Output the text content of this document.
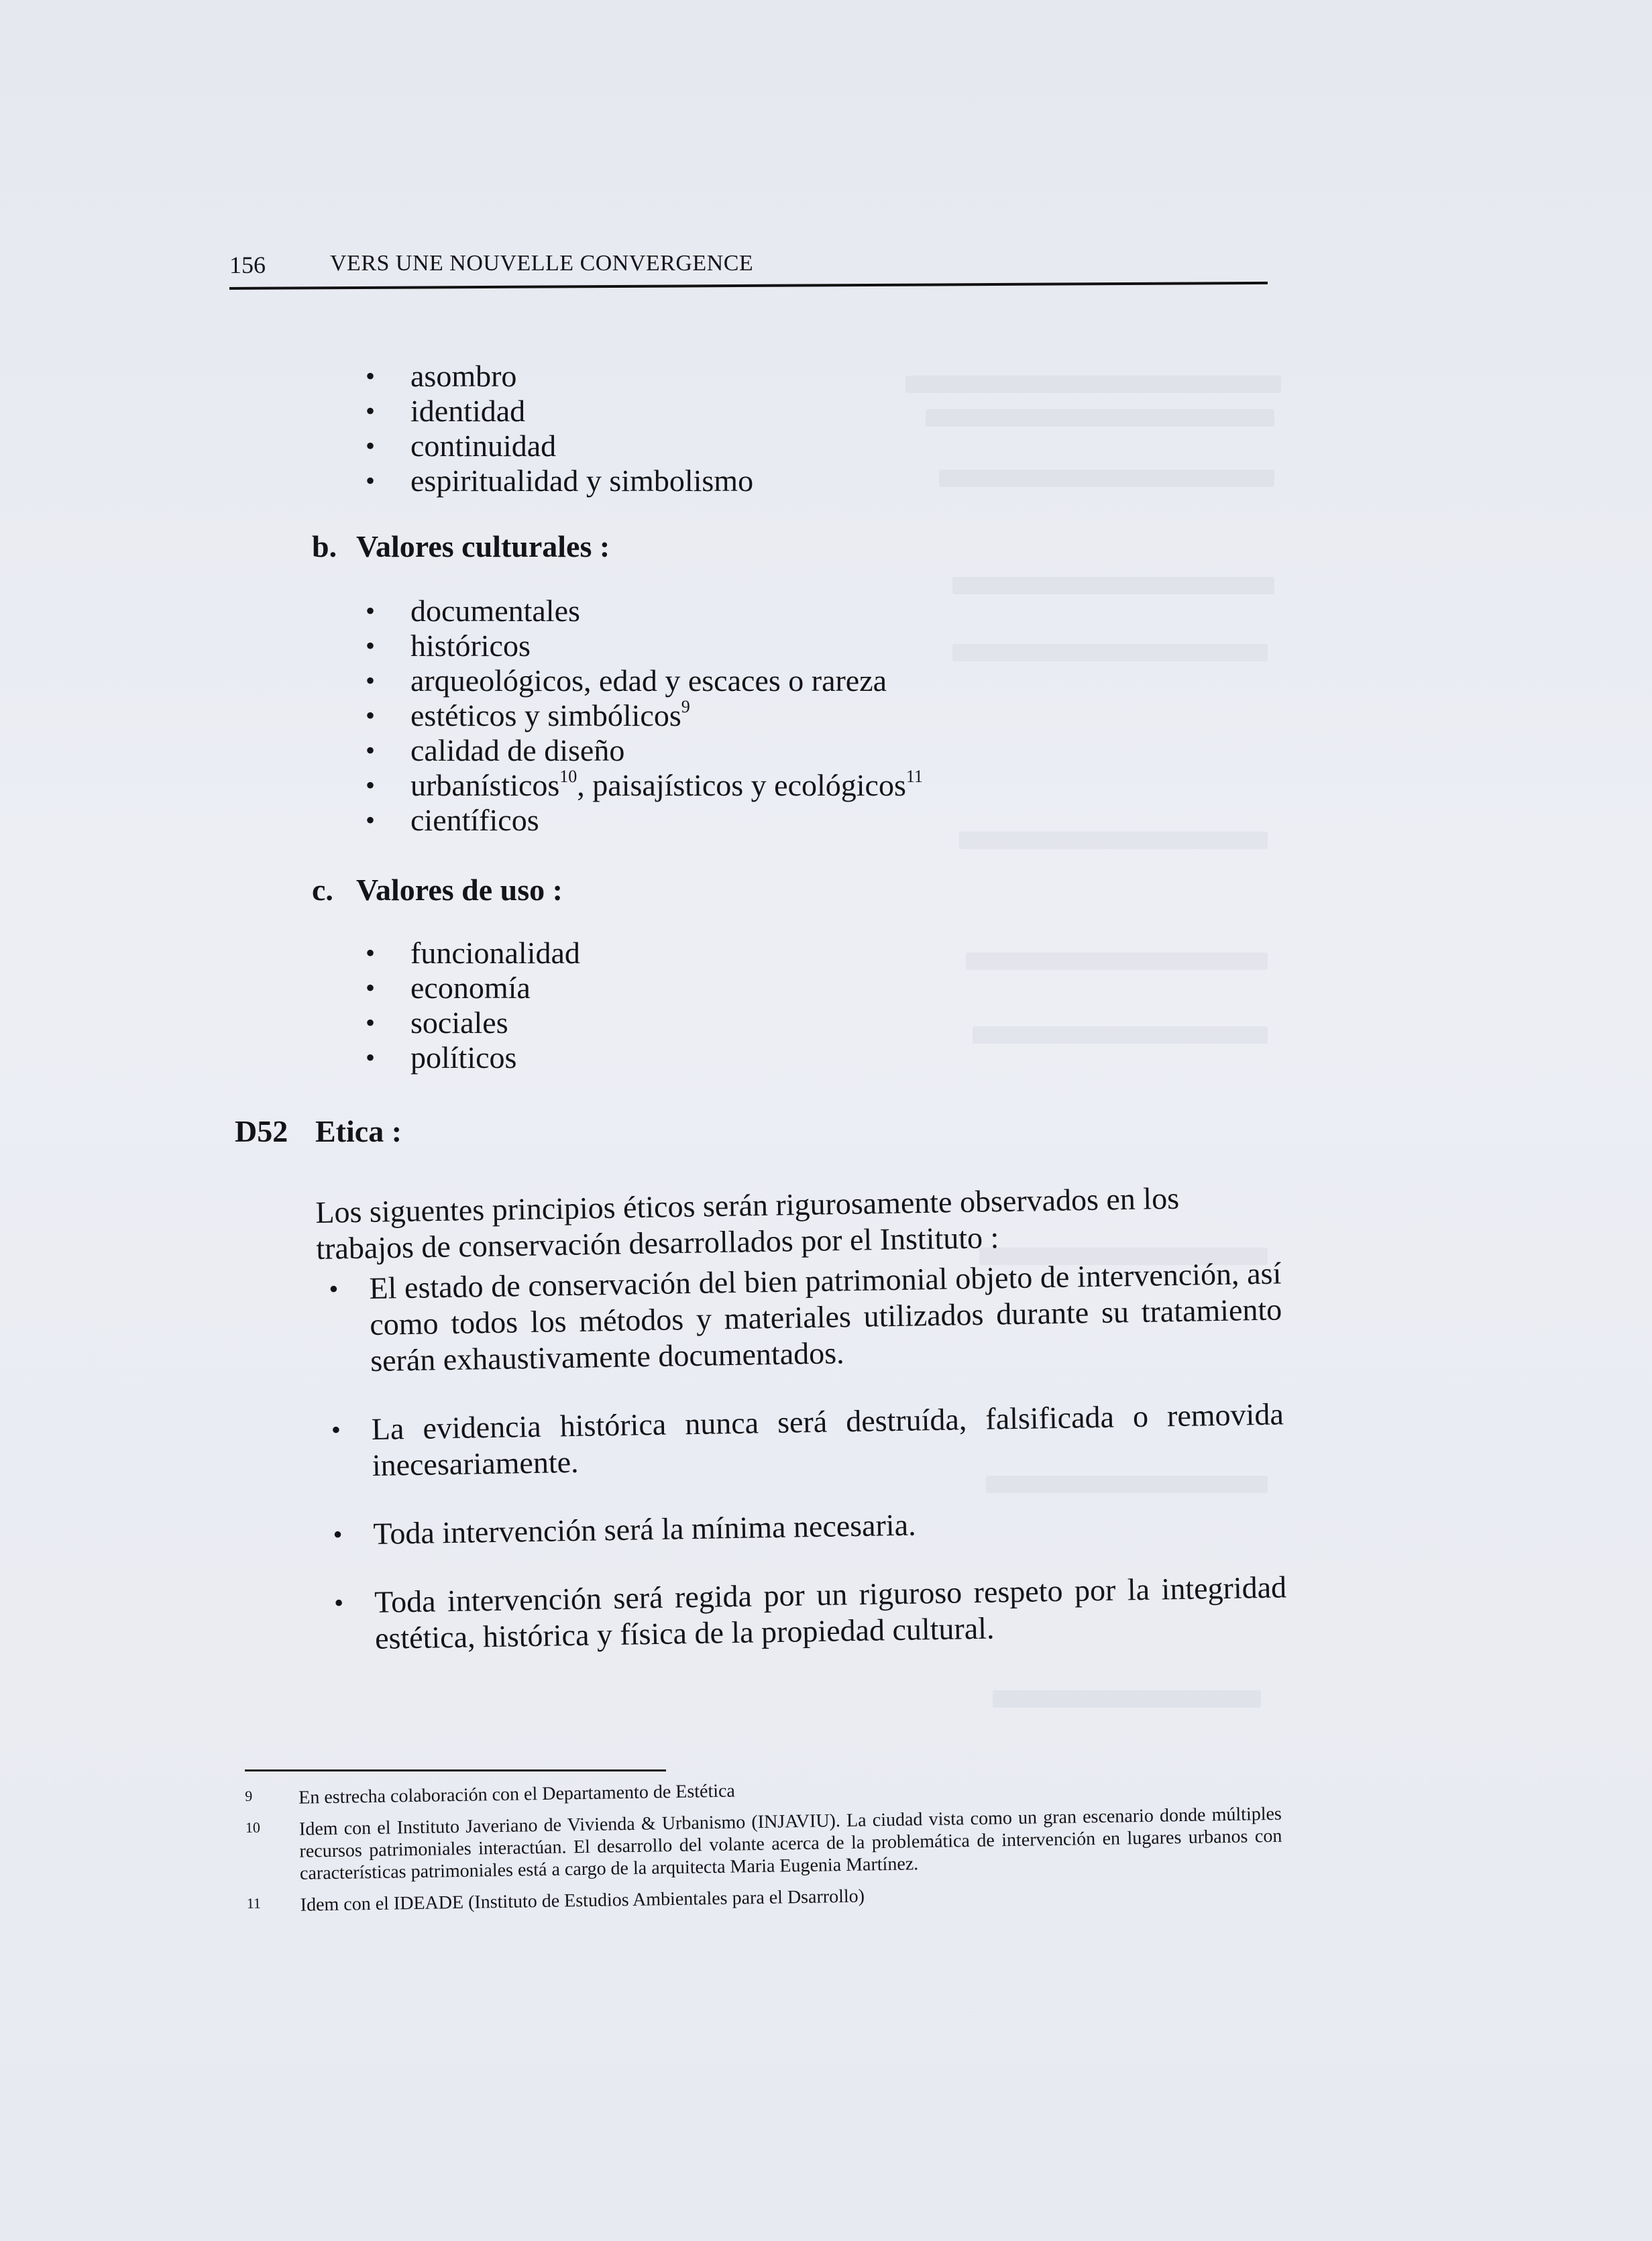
156	VERS UNE NOUVELLE CONVERGENCE
• asombro
• identidad
• continuidad
• espiritualidad y simbolismo
b. Valores culturales :
• documentales
• históricos
• arqueológicos, edad y escaces o rareza
• estéticos y simbólicos$^9$
• calidad de diseño
• urbanísticos$^{10}$, paisajísticos y ecológicos$^{11}$
• científicos
c. Valores de uso :
• funcionalidad
• economía
• sociales
• políticos
D52 Etica :

Los siguentes principios éticos serán rigurosamente observados en los trabajos de conservación desarrollados por el Instituto :

• El estado de conservación del bien patrimonial objeto de intervención, así como todos los métodos y materiales utilizados durante su tratamiento serán exhaustivamente documentados.
• La evidencia histórica nunca será destruída, falsificada o removida inecesariamente.
• Toda intervención será la mínima necesaria.
• Toda intervención será regida por un riguroso respeto por la integridad estética, histórica y física de la propiedad cultural.
9 En estrecha colaboración con el Departamento de Estética
10 Idem con el Instituto Javeriano de Vivienda & Urbanismo (INJAVIU). La ciudad vista como un gran escenario donde múltiples recursos patrimoniales interactúan. El desarrollo del volante acerca de la problemática de intervención en lugares urbanos con características patrimoniales está a cargo de la arquitecta Maria Eugenia Martínez.
11 Idem con el IDEADE (Instituto de Estudios Ambientales para el Dsarrollo)
